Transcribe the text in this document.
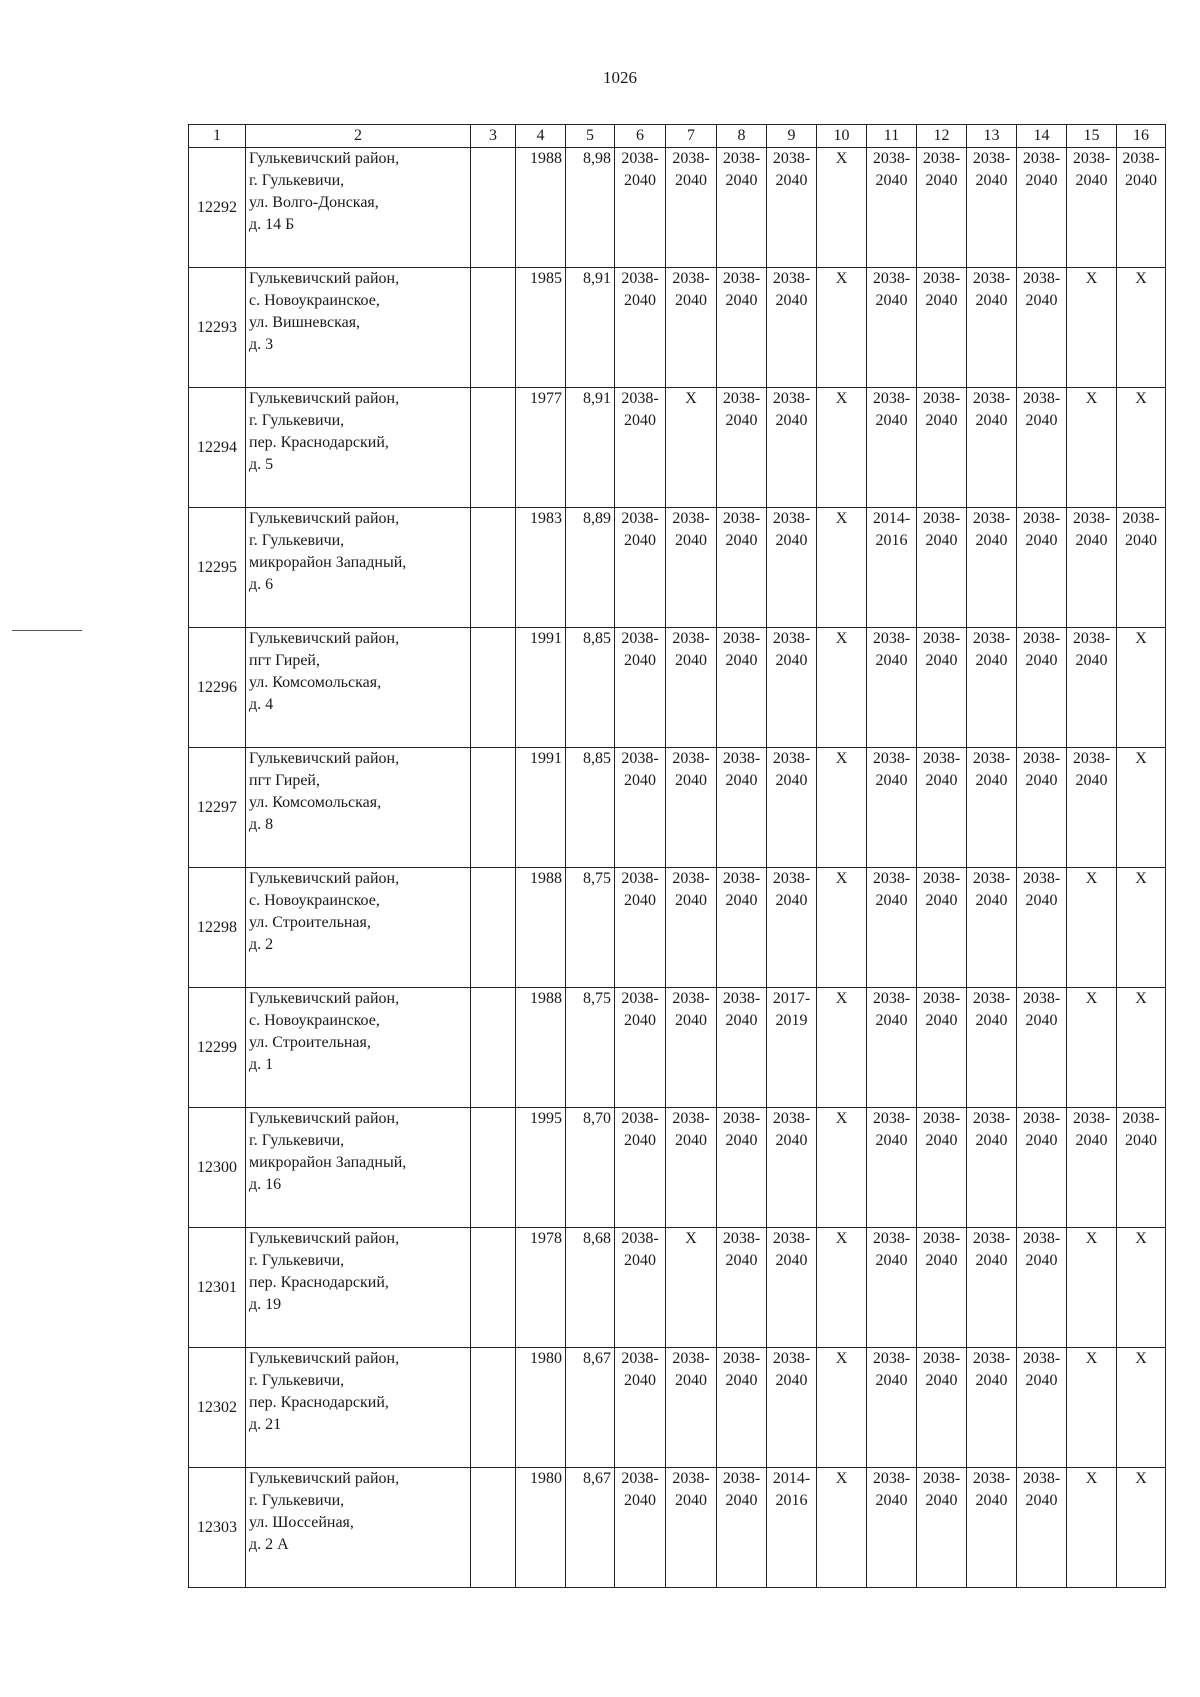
1026
1	2	3	4	5	6	7	8	9	10	11	12	13	14	15	16
12292	Гулькевичский район,
г. Гулькевичи,
ул. Волго-Донская,
д. 14 Б		1988	8,98	2038-
2040	2038-
2040	2038-
2040	2038-
2040	Х	2038-
2040	2038-
2040	2038-
2040	2038-
2040	2038-
2040	2038-
2040

12293	Гулькевичский район,
с. Новоукраинское,
ул. Вишневская,
д. 3		1985	8,91	2038-
2040	2038-
2040	2038-
2040	2038-
2040	Х	2038-
2040	2038-
2040	2038-
2040	2038-
2040	Х	Х
12294	Гулькевичский район,
г. Гулькевичи,
пер. Краснодарский,
д. 5		1977	8,91	2038-
2040	Х	2038-
2040	2038-
2040	Х	2038-
2040	2038-
2040	2038-
2040	2038-
2040	Х	Х
12295	Гулькевичский район,
г. Гулькевичи,
микрорайон Западный,
д. 6		1983	8,89	2038-
2040	2038-
2040	2038-
2040	2038-
2040	Х	2014-
2016	2038-
2040	2038-
2040	2038-
2040	2038-
2040	2038-
2040

12296	Гулькевичский район,
пгт Гирей,
ул. Комсомольская,
д. 4		1991	8,85	2038-
2040	2038-
2040	2038-
2040	2038-
2040	Х	2038-
2040	2038-
2040	2038-
2040	2038-
2040	2038-
2040	Х
12297	Гулькевичский район,
пгт Гирей,
ул. Комсомольская,
д. 8		1991	8,85	2038-
2040	2038-
2040	2038-
2040	2038-
2040	Х	2038-
2040	2038-
2040	2038-
2040	2038-
2040	2038-
2040	Х
12298	Гулькевичский район,
с. Новоукраинское,
ул. Строительная,
д. 2		1988	8,75	2038-
2040	2038-
2040	2038-
2040	2038-
2040	Х	2038-
2040	2038-
2040	2038-
2040	2038-
2040	Х	Х
12299	Гулькевичский район,
с. Новоукраинское,
ул. Строительная,
д. 1		1988	8,75	2038-
2040	2038-
2040	2038-
2040	2017-
2019	Х	2038-
2040	2038-
2040	2038-
2040	2038-
2040	Х	Х
12300	Гулькевичский район,
г. Гулькевичи,
микрорайон Западный,
д. 16		1995	8,70	2038-
2040	2038-
2040	2038-
2040	2038-
2040	Х	2038-
2040	2038-
2040	2038-
2040	2038-
2040	2038-
2040	2038-
2040

12301	Гулькевичский район,
г. Гулькевичи,
пер. Краснодарский,
д. 19		1978	8,68	2038-
2040	Х	2038-
2040	2038-
2040	Х	2038-
2040	2038-
2040	2038-
2040	2038-
2040	Х	Х
12302	Гулькевичский район,
г. Гулькевичи,
пер. Краснодарский,
д. 21		1980	8,67	2038-
2040	2038-
2040	2038-
2040	2038-
2040	Х	2038-
2040	2038-
2040	2038-
2040	2038-
2040	Х	Х
12303	Гулькевичский район,
г. Гулькевичи,
ул. Шоссейная,
д. 2 А		1980	8,67	2038-
2040	2038-
2040	2038-
2040	2014-
2016	Х	2038-
2040	2038-
2040	2038-
2040	2038-
2040	Х	Х
